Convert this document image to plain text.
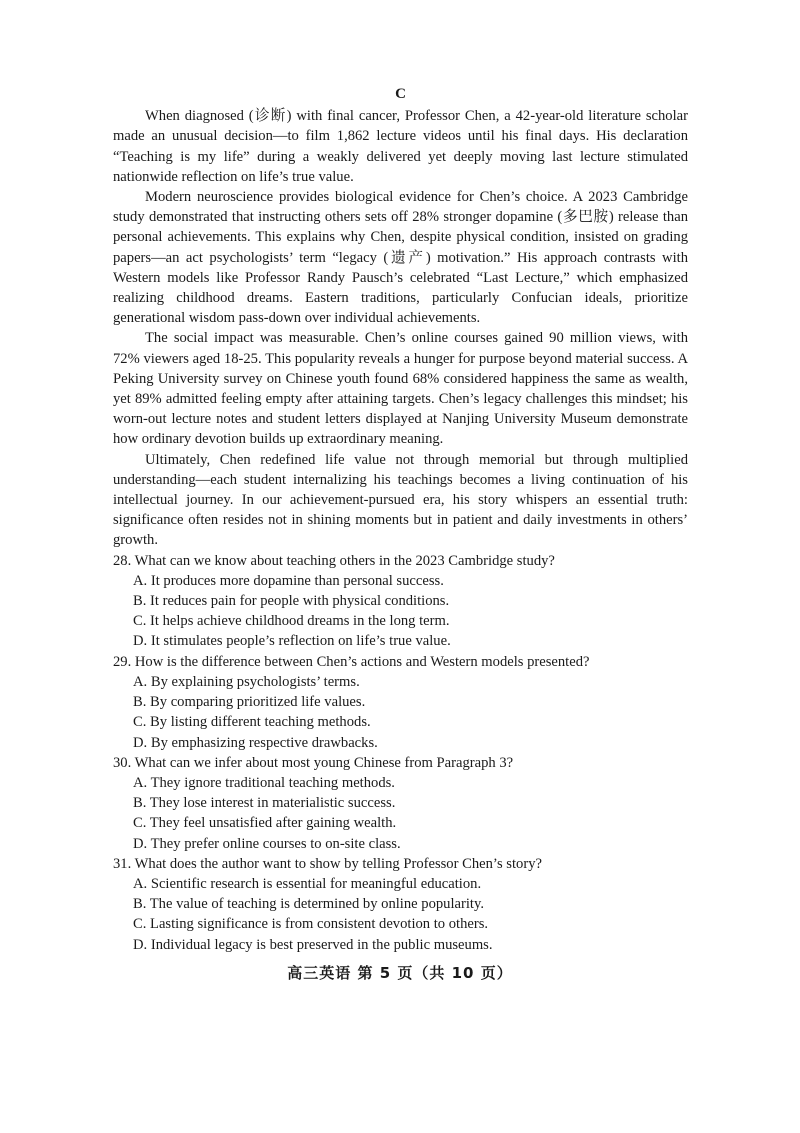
C

When diagnosed (诊断) with final cancer, Professor Chen, a 42-year-old literature scholar made an unusual decision—to film 1,862 lecture videos until his final days. His declaration “Teaching is my life” during a weakly delivered yet deeply moving last lecture stimulated nationwide reflection on life’s true value.

Modern neuroscience provides biological evidence for Chen’s choice. A 2023 Cambridge study demonstrated that instructing others sets off 28% stronger dopamine (多巴胺) release than personal achievements. This explains why Chen, despite physical condition, insisted on grading papers—an act psychologists’ term “legacy (遗产) motivation.” His approach contrasts with Western models like Professor Randy Pausch’s celebrated “Last Lecture,” which emphasized realizing childhood dreams. Eastern traditions, particularly Confucian ideals, prioritize generational wisdom pass-down over individual achievements.

The social impact was measurable. Chen’s online courses gained 90 million views, with 72% viewers aged 18-25. This popularity reveals a hunger for purpose beyond material success. A Peking University survey on Chinese youth found 68% considered happiness the same as wealth, yet 89% admitted feeling empty after attaining targets. Chen’s legacy challenges this mindset; his worn-out lecture notes and student letters displayed at Nanjing University Museum demonstrate how ordinary devotion builds up extraordinary meaning.

Ultimately, Chen redefined life value not through memorial but through multiplied understanding—each student internalizing his teachings becomes a living continuation of his intellectual journey. In our achievement-pursued era, his story whispers an essential truth: significance often resides not in shining moments but in patient and daily investments in others’ growth.

28. What can we know about teaching others in the 2023 Cambridge study?

A. It produces more dopamine than personal success.

B. It reduces pain for people with physical conditions.

C. It helps achieve childhood dreams in the long term.

D. It stimulates people’s reflection on life’s true value.

29. How is the difference between Chen’s actions and Western models presented?

A. By explaining psychologists’ terms.

B. By comparing prioritized life values.

C. By listing different teaching methods.

D. By emphasizing respective drawbacks.

30. What can we infer about most young Chinese from Paragraph 3?

A. They ignore traditional teaching methods.

B. They lose interest in materialistic success.

C. They feel unsatisfied after gaining wealth.

D. They prefer online courses to on-site class.

31. What does the author want to show by telling Professor Chen’s story?

A. Scientific research is essential for meaningful education.

B. The value of teaching is determined by online popularity.

C. Lasting significance is from consistent devotion to others.

D. Individual legacy is best preserved in the public museums.

高三英语 第 5 页（共 10 页）
